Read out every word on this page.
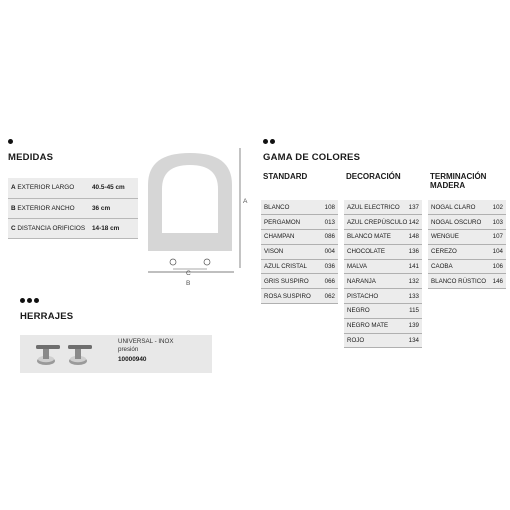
MEDIDAS
A EXTERIOR LARGO	40.5-45 cm
B EXTERIOR ANCHO	36 cm
C DISTANCIA ORIFICIOS	14-18 cm
A
C
B
GAMA DE COLORES
STANDARD	DECORACIÓN	TERMINACIÓN
MADERA
BLANCO	108
PERGAMON	013
CHAMPAN	086
VISON	004
AZUL CRISTAL	036
GRIS SUSPIRO	066
ROSA SUSPIRO	062
AZUL ELECTRICO	137
AZUL CREPÚSCULO	142
BLANCO MATE	148
CHOCOLATE	136
MALVA	141
NARANJA	132
PISTACHO	133
NEGRO	115
NEGRO MATE	139
ROJO	134
NOGAL CLARO	102
NOGAL OSCURO	103
WENGUE	107
CEREZO	104
CAOBA	106
BLANCO RÚSTICO	146
HERRAJES
UNIVERSAL - INOX
presión
10000940
